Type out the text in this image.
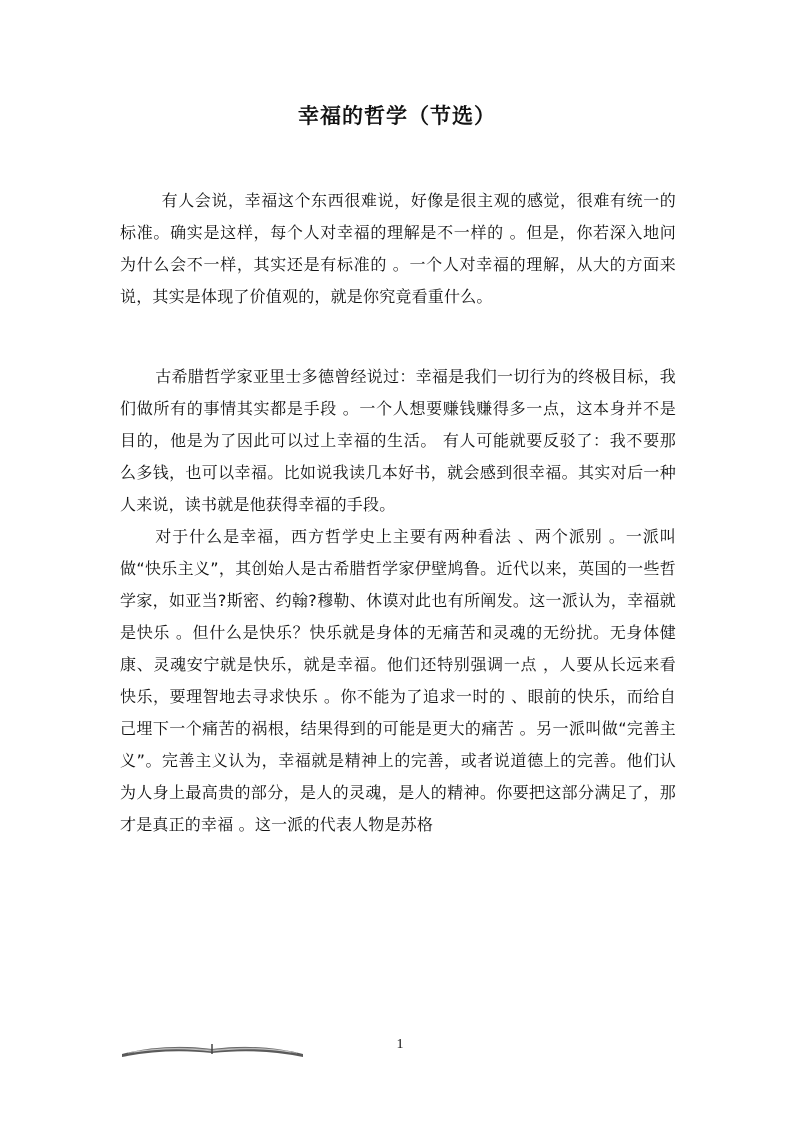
幸福的哲学（节选）

有人会说，幸福这个东西很难说，好像是很主观的感觉，很难有统一的标准。确实是这样，每个人对幸福的理解是不一样的 。但是，你若深入地问为什么会不一样，其实还是有标准的 。一个人对幸福的理解，从大的方面来说，其实是体现了价值观的，就是你究竟看重什么。

古希腊哲学家亚里士多德曾经说过：幸福是我们一切行为的终极目标，我们做所有的事情其实都是手段 。一个人想要赚钱赚得多一点，这本身并不是目的，他是为了因此可以过上幸福的生活。 有人可能就要反驳了：我不要那么多钱，也可以幸福。比如说我读几本好书，就会感到很幸福。其实对后一种人来说，读书就是他获得幸福的手段。

对于什么是幸福，西方哲学史上主要有两种看法 、两个派别 。一派叫做“快乐主义”，其创始人是古希腊哲学家伊壁鸠鲁。近代以来，英国的一些哲学家，如亚当?斯密、约翰?穆勒、休谟对此也有所阐发。这一派认为，幸福就是快乐 。但什么是快乐？快乐就是身体的无痛苦和灵魂的无纷扰。无身体健康、灵魂安宁就是快乐，就是幸福。他们还特别强调一点 ，人要从长远来看快乐，要理智地去寻求快乐 。你不能为了追求一时的 、眼前的快乐，而给自己埋下一个痛苦的祸根，结果得到的可能是更大的痛苦 。另一派叫做“完善主义”。完善主义认为，幸福就是精神上的完善，或者说道德上的完善。他们认为人身上最高贵的部分，是人的灵魂，是人的精神。你要把这部分满足了，那才是真正的幸福 。这一派的代表人物是苏格

1
